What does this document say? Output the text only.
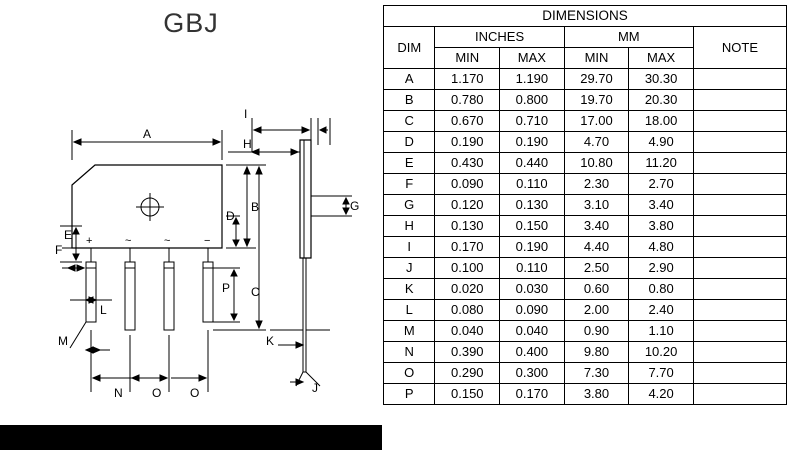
GBJ
+	~	~	−
A
B
C
D
E
F
G
H
I
J
K
L
M
N O O
P
DIMENSIONS					
DIM	INCHES		MM		NOTE
	MIN	MAX	MIN	MAX	
A	1.170	1.190	29.70	30.30	
B	0.780	0.800	19.70	20.30	
C	0.670	0.710	17.00	18.00	
D	0.190	0.190	4.70	4.90	
E	0.430	0.440	10.80	11.20	
F	0.090	0.110	2.30	2.70	
G	0.120	0.130	3.10	3.40	
H	0.130	0.150	3.40	3.80	
I	0.170	0.190	4.40	4.80	
J	0.100	0.110	2.50	2.90	
K	0.020	0.030	0.60	0.80	
L	0.080	0.090	2.00	2.40	
M	0.040	0.040	0.90	1.10	
N	0.390	0.400	9.80	10.20	
O	0.290	0.300	7.30	7.70	
P	0.150	0.170	3.80	4.20	
